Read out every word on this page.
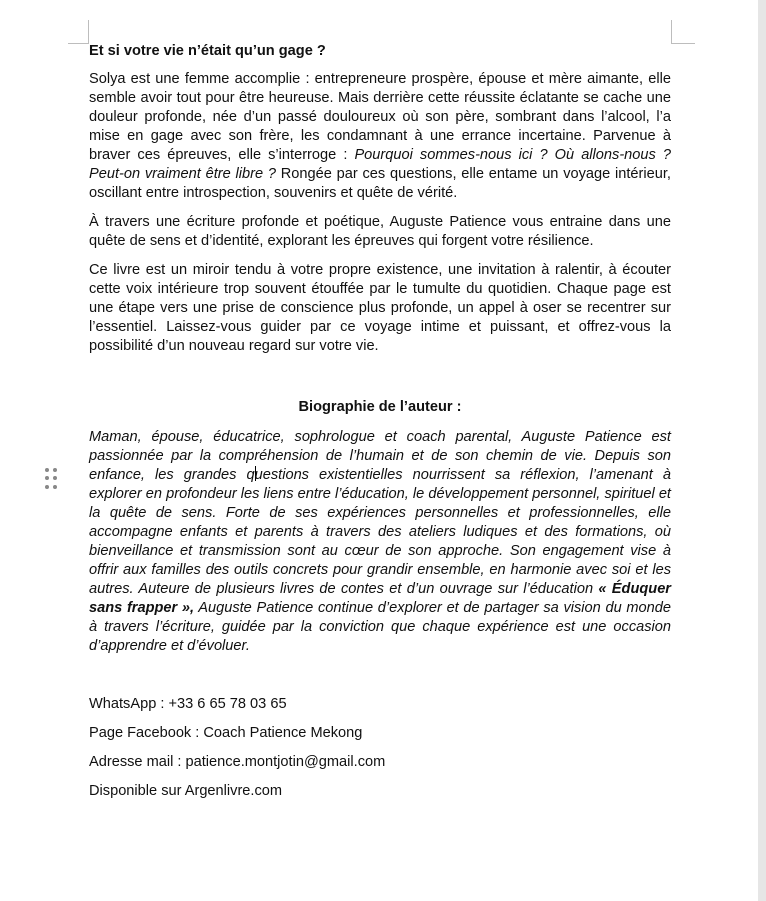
Et si votre vie n’était qu’un gage ?

Solya est une femme accomplie : entrepreneure prospère, épouse et mère aimante, elle semble avoir tout pour être heureuse. Mais derrière cette réussite éclatante se cache une douleur profonde, née d’un passé douloureux où son père, sombrant dans l’alcool, l’a mise en gage avec son frère, les condamnant à une errance incertaine. Parvenue à braver ces épreuves, elle s’interroge : Pourquoi sommes-nous ici ? Où allons-nous ? Peut-on vraiment être libre ? Rongée par ces questions, elle entame un voyage intérieur, oscillant entre introspection, souvenirs et quête de vérité.

À travers une écriture profonde et poétique, Auguste Patience vous entraine dans une quête de sens et d’identité, explorant les épreuves qui forgent votre résilience.

Ce livre est un miroir tendu à votre propre existence, une invitation à ralentir, à écouter cette voix intérieure trop souvent étouffée par le tumulte du quotidien. Chaque page est une étape vers une prise de conscience plus profonde, un appel à oser se recentrer sur l’essentiel. Laissez-vous guider par ce voyage intime et puissant, et offrez-vous la possibilité d’un nouveau regard sur votre vie.

Biographie de l’auteur :

Maman, épouse, éducatrice, sophrologue et coach parental, Auguste Patience est passionnée par la compréhension de l’humain et de son chemin de vie. Depuis son enfance, les grandes questions existentielles nourrissent sa réflexion, l’amenant à explorer en profondeur les liens entre l’éducation, le développement personnel, spirituel et la quête de sens. Forte de ses expériences personnelles et professionnelles, elle accompagne enfants et parents à travers des ateliers ludiques et des formations, où bienveillance et transmission sont au cœur de son approche. Son engagement vise à offrir aux familles des outils concrets pour grandir ensemble, en harmonie avec soi et les autres. Auteure de plusieurs livres de contes et d’un ouvrage sur l’éducation « Éduquer sans frapper », Auguste Patience continue d’explorer et de partager sa vision du monde à travers l’écriture, guidée par la conviction que chaque expérience est une occasion d’apprendre et d’évoluer.

WhatsApp : +33 6 65 78 03 65

Page Facebook : Coach Patience Mekong

Adresse mail : patience.montjotin@gmail.com

Disponible sur Argenlivre.com
